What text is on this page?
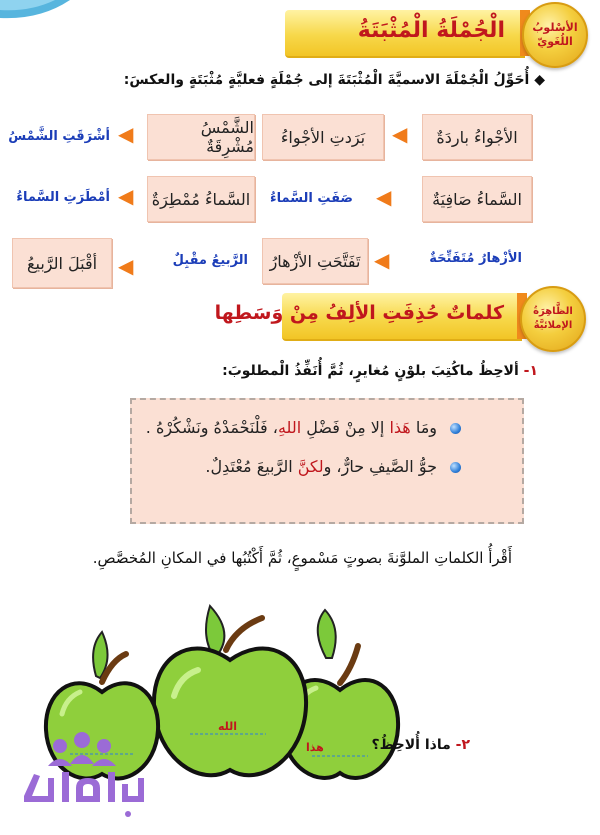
الْجُمْلَةُ الْمُثْبَتَةُ الأسْلوبُ
اللُغَويّ
◆ أُحَوِّلُ الْجُمْلَةَ الاسميَّةَ الْمُثْبَتَةَ إلى جُمْلَةٍ فعليَّةٍ مُثْبَتَةٍ والعكسَ:
الأجْواءُ باردَةٌ
◀
بَرَدتِ الأجْواءُ
الشَّمْسُ مُشْرِقَةٌ
◀
أشْرَقَتِ الشَّمْسُ
السَّماءُ صَافِيَةٌ
◀
صَفَتِ السَّماءُ
السَّماءُ مُمْطِرَةٌ
◀
أمْطَرَتِ السَّماءُ
الأزْهارُ مُتَفَتِّحَةٌ
◀
تَفَتَّحَتِ الأزْهارُ
الرَّبيعُ مقْبِلٌ
◀
أقْبَلَ الرَّبيعُ
كلماتٌ حُذِفَتِ الألِفُ مِنْ وَسَطِها	الظَّاهِرَةُ
الإملائيَّةُ
١- ألاحِظُ ماكُتِبَ بلوْنٍ مُغايرٍ، ثُمَّ أُنَفِّذُ الْمطلوبَ:
ومَا هَذا إلا مِنْ فَضْلِ اللهِ، فَلْنَحْمَدْهُ ونَشْكُرْهُ .
جوُّ الصَّيفِ حارٌّ، ولكنَّ الرَّبيعَ مُعْتَدِلٌ.
أَقْرأُ الكلماتِ الملوَّنةَ بصوتٍ مَسْموعٍ، ثُمَّ أَكْتُبُها في المكانِ المُخصَّصِ.
هذا
الله
٢- ماذا أُلاحِظُ؟
